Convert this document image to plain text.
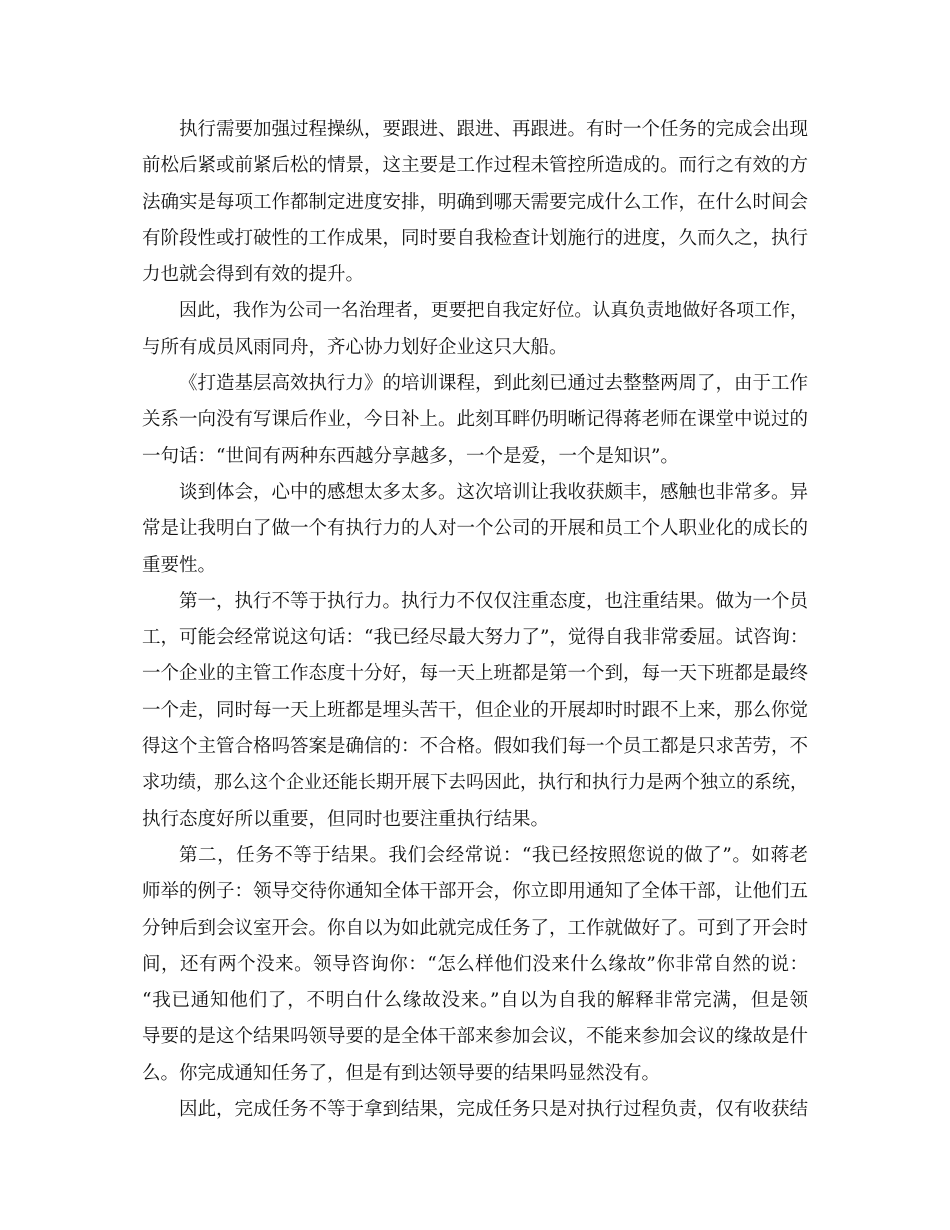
执行需要加强过程操纵，要跟进、跟进、再跟进。有时一个任务的完成会出现
前松后紧或前紧后松的情景，这主要是工作过程未管控所造成的。而行之有效的方
法确实是每项工作都制定进度安排，明确到哪天需要完成什么工作，在什么时间会
有阶段性或打破性的工作成果，同时要自我检查计划施行的进度，久而久之，执行
力也就会得到有效的提升。
因此，我作为公司一名治理者，更要把自我定好位。认真负责地做好各项工作，
与所有成员风雨同舟，齐心协力划好企业这只大船。
《打造基层高效执行力》的培训课程，到此刻已通过去整整两周了，由于工作
关系一向没有写课后作业，今日补上。此刻耳畔仍明晰记得蒋老师在课堂中说过的
一句话：“世间有两种东西越分享越多，一个是爱，一个是知识”。
谈到体会，心中的感想太多太多。这次培训让我收获颇丰，感触也非常多。异
常是让我明白了做一个有执行力的人对一个公司的开展和员工个人职业化的成长的
重要性。
第一，执行不等于执行力。执行力不仅仅注重态度，也注重结果。做为一个员
工，可能会经常说这句话：“我已经尽最大努力了”，觉得自我非常委屈。试咨询：
一个企业的主管工作态度十分好，每一天上班都是第一个到，每一天下班都是最终
一个走，同时每一天上班都是埋头苦干，但企业的开展却时时跟不上来，那么你觉
得这个主管合格吗答案是确信的：不合格。假如我们每一个员工都是只求苦劳，不
求功绩，那么这个企业还能长期开展下去吗因此，执行和执行力是两个独立的系统，
执行态度好所以重要，但同时也要注重执行结果。
第二，任务不等于结果。我们会经常说：“我已经按照您说的做了”。如蒋老
师举的例子：领导交待你通知全体干部开会，你立即用通知了全体干部，让他们五
分钟后到会议室开会。你自以为如此就完成任务了，工作就做好了。可到了开会时
间，还有两个没来。领导咨询你：“怎么样他们没来什么缘故”你非常自然的说：
“我已通知他们了，不明白什么缘故没来。”自以为自我的解释非常完满，但是领
导要的是这个结果吗领导要的是全体干部来参加会议，不能来参加会议的缘故是什
么。你完成通知任务了，但是有到达领导要的结果吗显然没有。
因此，完成任务不等于拿到结果，完成任务只是对执行过程负责，仅有收获结
